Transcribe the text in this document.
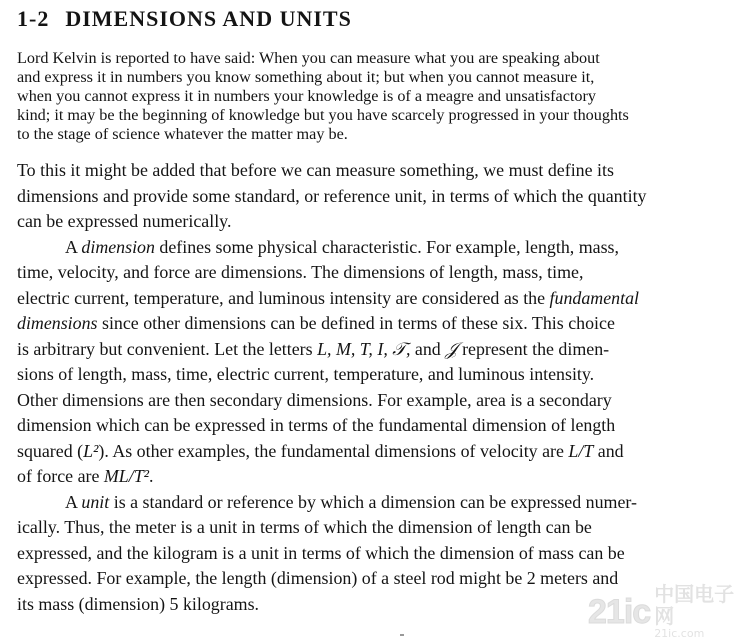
1-2 DIMENSIONS AND UNITS
Lord Kelvin is reported to have said: When you can measure what you are speaking about
and express it in numbers you know something about it; but when you cannot measure it,
when you cannot express it in numbers your knowledge is of a meagre and unsatisfactory
kind; it may be the beginning of knowledge but you have scarcely progressed in your thoughts
to the stage of science whatever the matter may be.
To this it might be added that before we can measure something, we must define its
dimensions and provide some standard, or reference unit, in terms of which the quantity
can be expressed numerically.
A dimension defines some physical characteristic. For example, length, mass,
time, velocity, and force are dimensions. The dimensions of length, mass, time,
electric current, temperature, and luminous intensity are considered as the fundamental
dimensions since other dimensions can be defined in terms of these six. This choice
is arbitrary but convenient. Let the letters L, M, T, I, 𝒯, and 𝒥 represent the dimen-
sions of length, mass, time, electric current, temperature, and luminous intensity.
Other dimensions are then secondary dimensions. For example, area is a secondary
dimension which can be expressed in terms of the fundamental dimension of length
squared (L²). As other examples, the fundamental dimensions of velocity are L/T and
of force are ML/T².
A unit is a standard or reference by which a dimension can be expressed numer-
ically. Thus, the meter is a unit in terms of which the dimension of length can be
expressed, and the kilogram is a unit in terms of which the dimension of mass can be
expressed. For example, the length (dimension) of a steel rod might be 2 meters and
its mass (dimension) 5 kilograms.	21ic 中国电子网
21ic.com
